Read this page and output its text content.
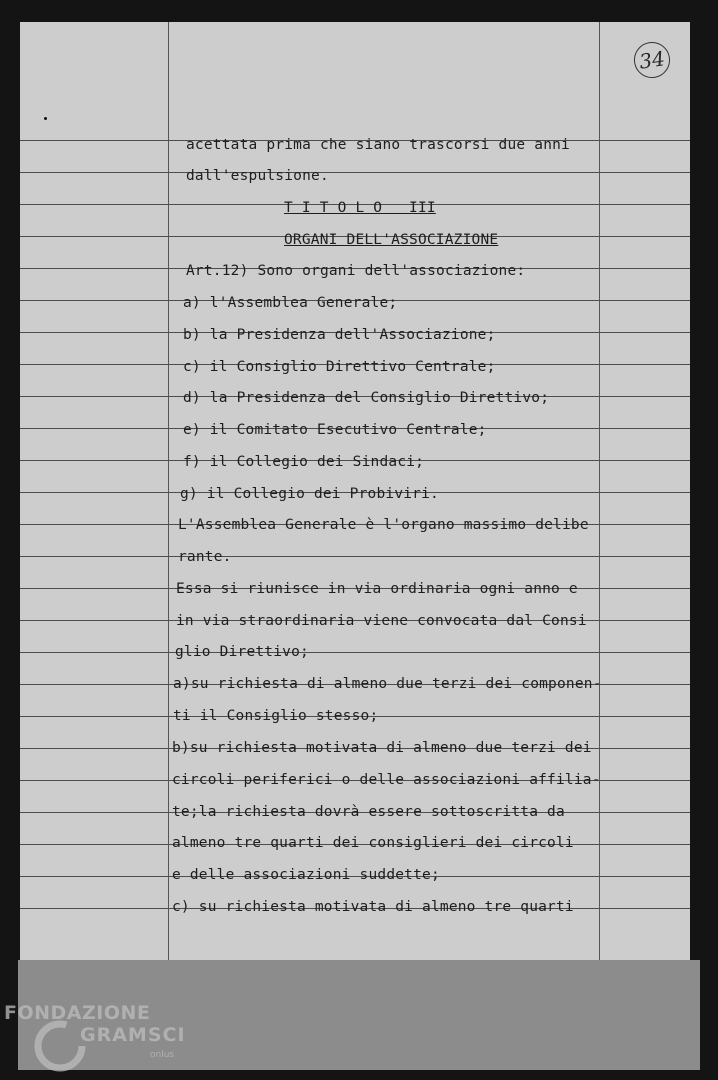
34
acettata prima che siano trascorsi due anni
dall'espulsione.
T I T O L O   III
ORGANI DELL'ASSOCIAZIONE
Art.12) Sono organi dell'associazione:
a) l'Assemblea Generale;
b) la Presidenza dell'Associazione;
c) il Consiglio Direttivo Centrale;
d) la Presidenza del Consiglio Direttivo;
e) il Comitato Esecutivo Centrale;
f) il Collegio dei Sindaci;
g) il Collegio dei Probiviri.
L'Assemblea Generale è l'organo massimo delibe
rante.
Essa si riunisce in via ordinaria ogni anno e
in via straordinaria viene convocata dal Consi
glio Direttivo;
a)su richiesta di almeno due terzi dei componen-
ti il Consiglio stesso;
b)su richiesta motivata di almeno due terzi dei
circoli periferici o delle associazioni affilia-
te;la richiesta dovrà essere sottoscritta da
almeno tre quarti dei consiglieri dei circoli
e delle associazioni suddette;
c) su richiesta motivata di almeno tre quarti
FONDAZIONE
GRAMSCI
onlus
